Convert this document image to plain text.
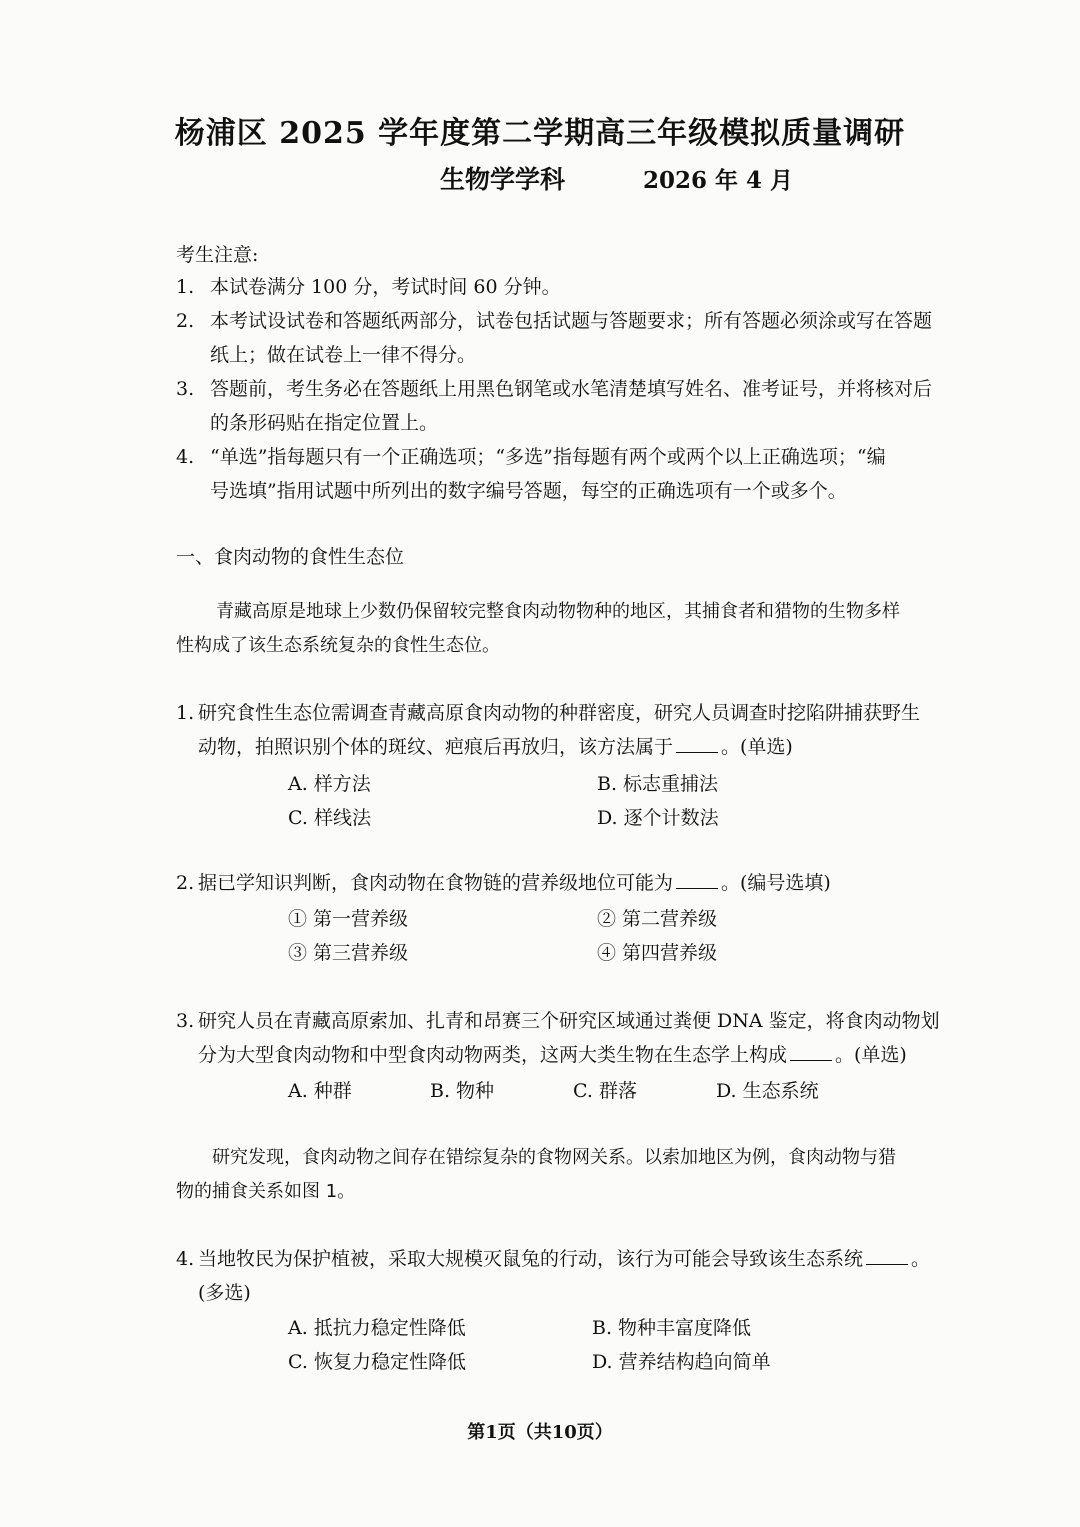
杨浦区 2025 学年度第二学期高三年级模拟质量调研
生物学学科	2026 年 4 月
考生注意:
1. 本试卷满分 100 分，考试时间 60 分钟。
2. 本考试设试卷和答题纸两部分，试卷包括试题与答题要求；所有答题必须涂或写在答题
纸上；做在试卷上一律不得分。
3. 答题前，考生务必在答题纸上用黑色钢笔或水笔清楚填写姓名、准考证号，并将核对后
的条形码贴在指定位置上。
4. “单选”指每题只有一个正确选项；“多选”指每题有两个或两个以上正确选项；“编
号选填”指用试题中所列出的数字编号答题，每空的正确选项有一个或多个。
一、食肉动物的食性生态位
青藏高原是地球上少数仍保留较完整食肉动物物种的地区，其捕食者和猎物的生物多样
性构成了该生态系统复杂的食性生态位。
1. 研究食性生态位需调查青藏高原食肉动物的种群密度，研究人员调查时挖陷阱捕获野生
动物，拍照识别个体的斑纹、疤痕后再放归，该方法属于	。(单选)
A. 样方法	B. 标志重捕法
C. 样线法	D. 逐个计数法
2. 据已学知识判断，食肉动物在食物链的营养级地位可能为	。(编号选填)
① 第一营养级	② 第二营养级
③ 第三营养级	④ 第四营养级
3. 研究人员在青藏高原索加、扎青和昂赛三个研究区域通过粪便 DNA 鉴定，将食肉动物划
分为大型食肉动物和中型食肉动物两类，这两大类生物在生态学上构成	。(单选)
A. 种群	B. 物种	C. 群落	D. 生态系统
研究发现，食肉动物之间存在错综复杂的食物网关系。以索加地区为例，食肉动物与猎
物的捕食关系如图 1。
4. 当地牧民为保护植被，采取大规模灭鼠兔的行动，该行为可能会导致该生态系统	。
(多选)
A. 抵抗力稳定性降低	B. 物种丰富度降低
C. 恢复力稳定性降低	D. 营养结构趋向简单
第1页（共10页）
